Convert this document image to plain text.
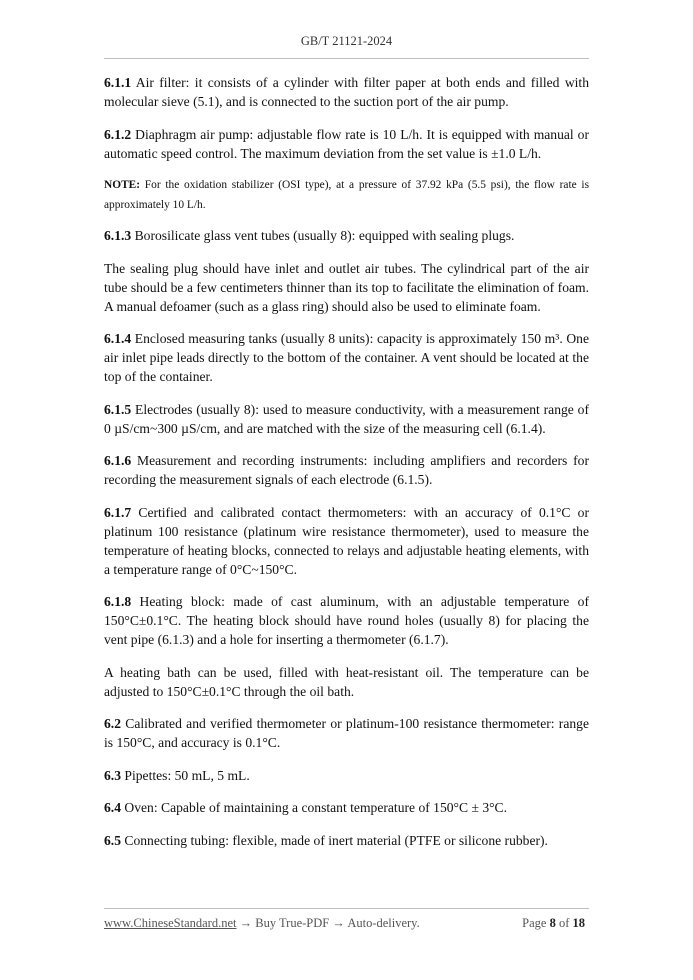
GB/T 21121-2024

6.1.1 Air filter: it consists of a cylinder with filter paper at both ends and filled with molecular sieve (5.1), and is connected to the suction port of the air pump.

6.1.2 Diaphragm air pump: adjustable flow rate is 10 L/h. It is equipped with manual or automatic speed control. The maximum deviation from the set value is ±1.0 L/h.

NOTE: For the oxidation stabilizer (OSI type), at a pressure of 37.92 kPa (5.5 psi), the flow rate is approximately 10 L/h.

6.1.3 Borosilicate glass vent tubes (usually 8): equipped with sealing plugs.

The sealing plug should have inlet and outlet air tubes. The cylindrical part of the air tube should be a few centimeters thinner than its top to facilitate the elimination of foam. A manual defoamer (such as a glass ring) should also be used to eliminate foam.

6.1.4 Enclosed measuring tanks (usually 8 units): capacity is approximately 150 m³. One air inlet pipe leads directly to the bottom of the container. A vent should be located at the top of the container.

6.1.5 Electrodes (usually 8): used to measure conductivity, with a measurement range of 0 µS/cm~300 µS/cm, and are matched with the size of the measuring cell (6.1.4).

6.1.6 Measurement and recording instruments: including amplifiers and recorders for recording the measurement signals of each electrode (6.1.5).

6.1.7 Certified and calibrated contact thermometers: with an accuracy of 0.1°C or platinum 100 resistance (platinum wire resistance thermometer), used to measure the temperature of heating blocks, connected to relays and adjustable heating elements, with a temperature range of 0°C~150°C.

6.1.8 Heating block: made of cast aluminum, with an adjustable temperature of 150°C±0.1°C. The heating block should have round holes (usually 8) for placing the vent pipe (6.1.3) and a hole for inserting a thermometer (6.1.7).

A heating bath can be used, filled with heat-resistant oil. The temperature can be adjusted to 150°C±0.1°C through the oil bath.

6.2 Calibrated and verified thermometer or platinum-100 resistance thermometer: range is 150°C, and accuracy is 0.1°C.

6.3 Pipettes: 50 mL, 5 mL.

6.4 Oven: Capable of maintaining a constant temperature of 150°C ± 3°C.

6.5 Connecting tubing: flexible, made of inert material (PTFE or silicone rubber).

www.ChineseStandard.net → Buy True-PDF → Auto-delivery.	Page 8 of 18
